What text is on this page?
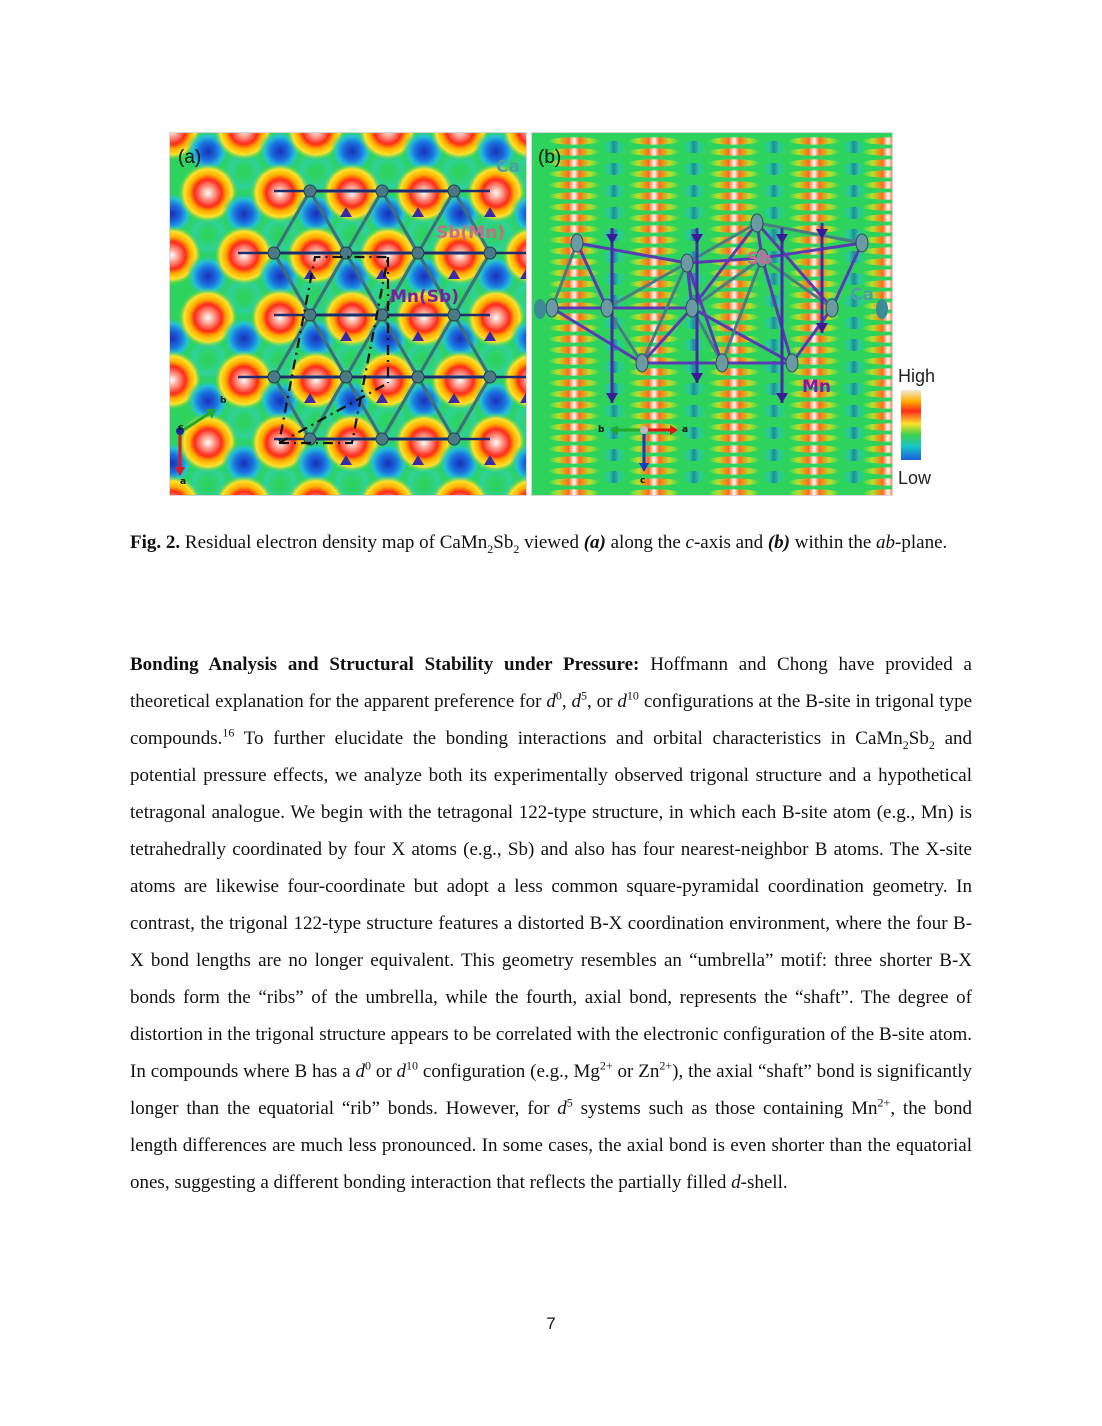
(a)	Ca
Sb(Mn)
Mn(Sb)
b
c
a
(b)
Sb
Ca
Mn
b	a
c
High
Low
Fig. 2. Residual electron density map of $CaMn_2Sb_2$ viewed (a) along the c-axis and (b) within the ab-plane.
Bonding Analysis and Structural Stability under Pressure: Hoffmann and Chong have provided a theoretical explanation for the apparent preference for $d^0$, $d^5$, or $d^{10}$ configurations at the B-site in trigonal type compounds.$^{16}$ To further elucidate the bonding interactions and orbital characteristics in $CaMn_2Sb_2$ and potential pressure effects, we analyze both its experimentally observed trigonal structure and a hypothetical tetragonal analogue. We begin with the tetragonal 122-type structure, in which each B-site atom (e.g., Mn) is tetrahedrally coordinated by four X atoms (e.g., Sb) and also has four nearest-neighbor B atoms. The X-site atoms are likewise four-coordinate but adopt a less common square-pyramidal coordination geometry. In contrast, the trigonal 122-type structure features a distorted B-X coordination environment, where the four B-X bond lengths are no longer equivalent. This geometry resembles an “umbrella” motif: three shorter B-X bonds form the “ribs” of the umbrella, while the fourth, axial bond, represents the “shaft”. The degree of distortion in the trigonal structure appears to be correlated with the electronic configuration of the B-site atom. In compounds where B has a $d^0$ or $d^{10}$ configuration (e.g., $Mg^{2+}$ or $Zn^{2+}$), the axial “shaft” bond is significantly longer than the equatorial “rib” bonds. However, for $d^5$ systems such as those containing $Mn^{2+}$, the bond length differences are much less pronounced. In some cases, the axial bond is even shorter than the equatorial ones, suggesting a different bonding interaction that reflects the partially filled d-shell.
7
